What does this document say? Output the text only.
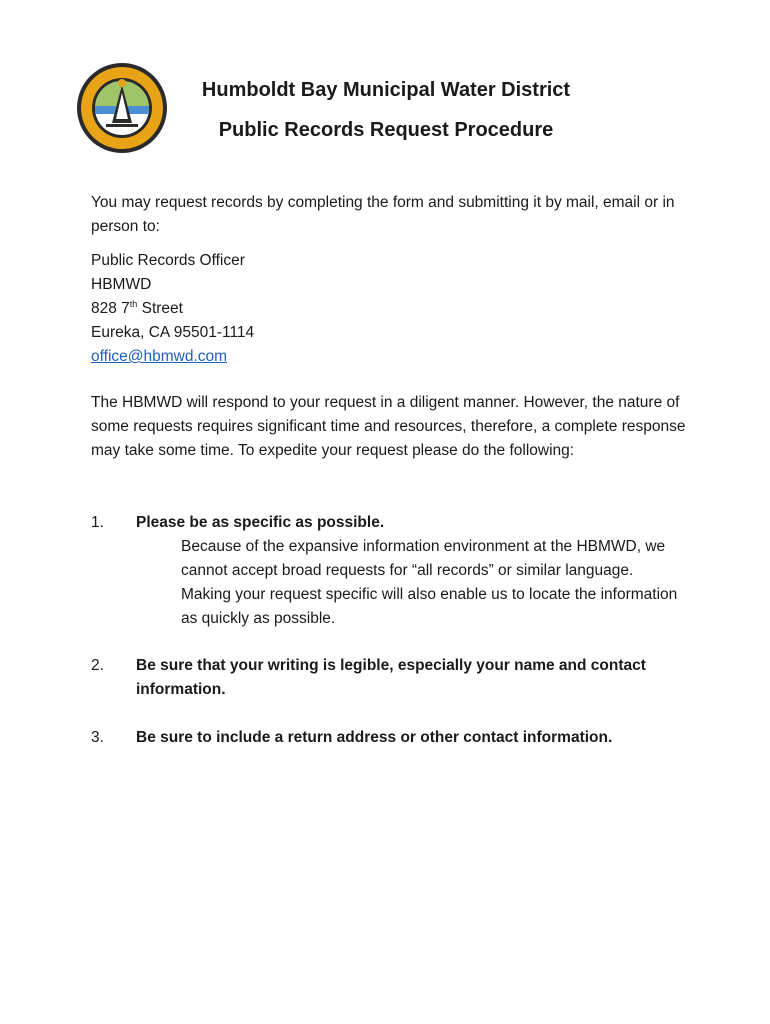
Humboldt Bay Municipal Water District
Public Records Request Procedure
You may request records by completing the form and submitting it by mail, email or in person to:
Public Records Officer
HBMWD
828 7th Street
Eureka, CA 95501-1114
office@hbmwd.com
The HBMWD will respond to your request in a diligent manner. However, the nature of some requests requires significant time and resources, therefore, a complete response may take some time. To expedite your request please do the following:
1. Please be as specific as possible.
Because of the expansive information environment at the HBMWD, we cannot accept broad requests for “all records” or similar language. Making your request specific will also enable us to locate the information as quickly as possible.
2. Be sure that your writing is legible, especially your name and contact information.
3. Be sure to include a return address or other contact information.
